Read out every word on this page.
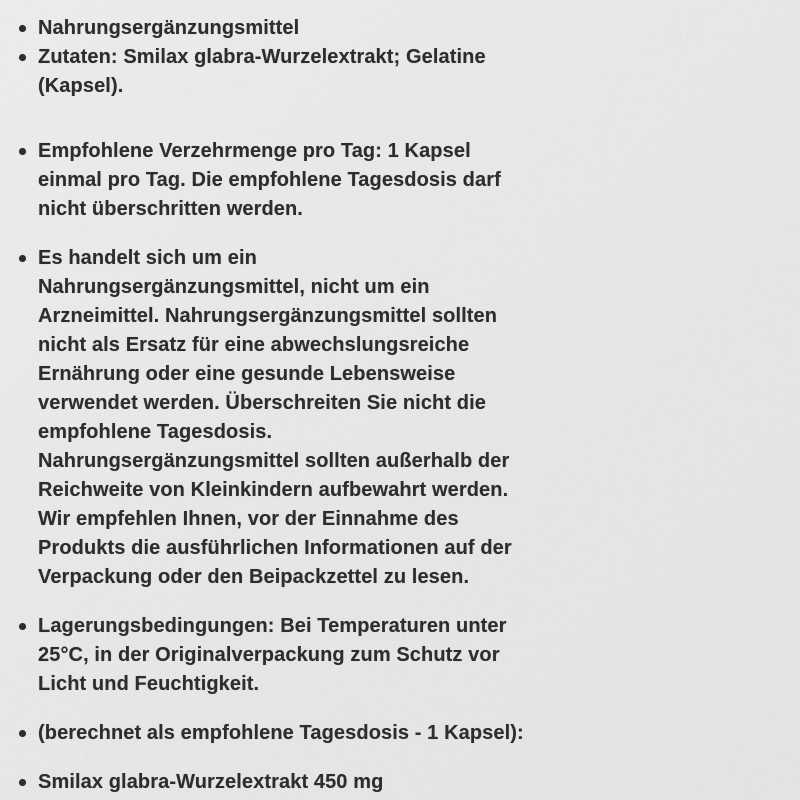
Nahrungsergänzungsmittel
Zutaten: Smilax glabra-Wurzelextrakt; Gelatine
(Kapsel).
Empfohlene Verzehrmenge pro Tag: 1 Kapsel
einmal pro Tag. Die empfohlene Tagesdosis darf
nicht überschritten werden.
Es handelt sich um ein
Nahrungsergänzungsmittel, nicht um ein
Arzneimittel. Nahrungsergänzungsmittel sollten
nicht als Ersatz für eine abwechslungsreiche
Ernährung oder eine gesunde Lebensweise
verwendet werden. Überschreiten Sie nicht die
empfohlene Tagesdosis.
Nahrungsergänzungsmittel sollten außerhalb der
Reichweite von Kleinkindern aufbewahrt werden.
Wir empfehlen Ihnen, vor der Einnahme des
Produkts die ausführlichen Informationen auf der
Verpackung oder den Beipackzettel zu lesen.
Lagerungsbedingungen: Bei Temperaturen unter
25°C, in der Originalverpackung zum Schutz vor
Licht und Feuchtigkeit.
(berechnet als empfohlene Tagesdosis - 1 Kapsel):
Smilax glabra-Wurzelextrakt 450 mg
